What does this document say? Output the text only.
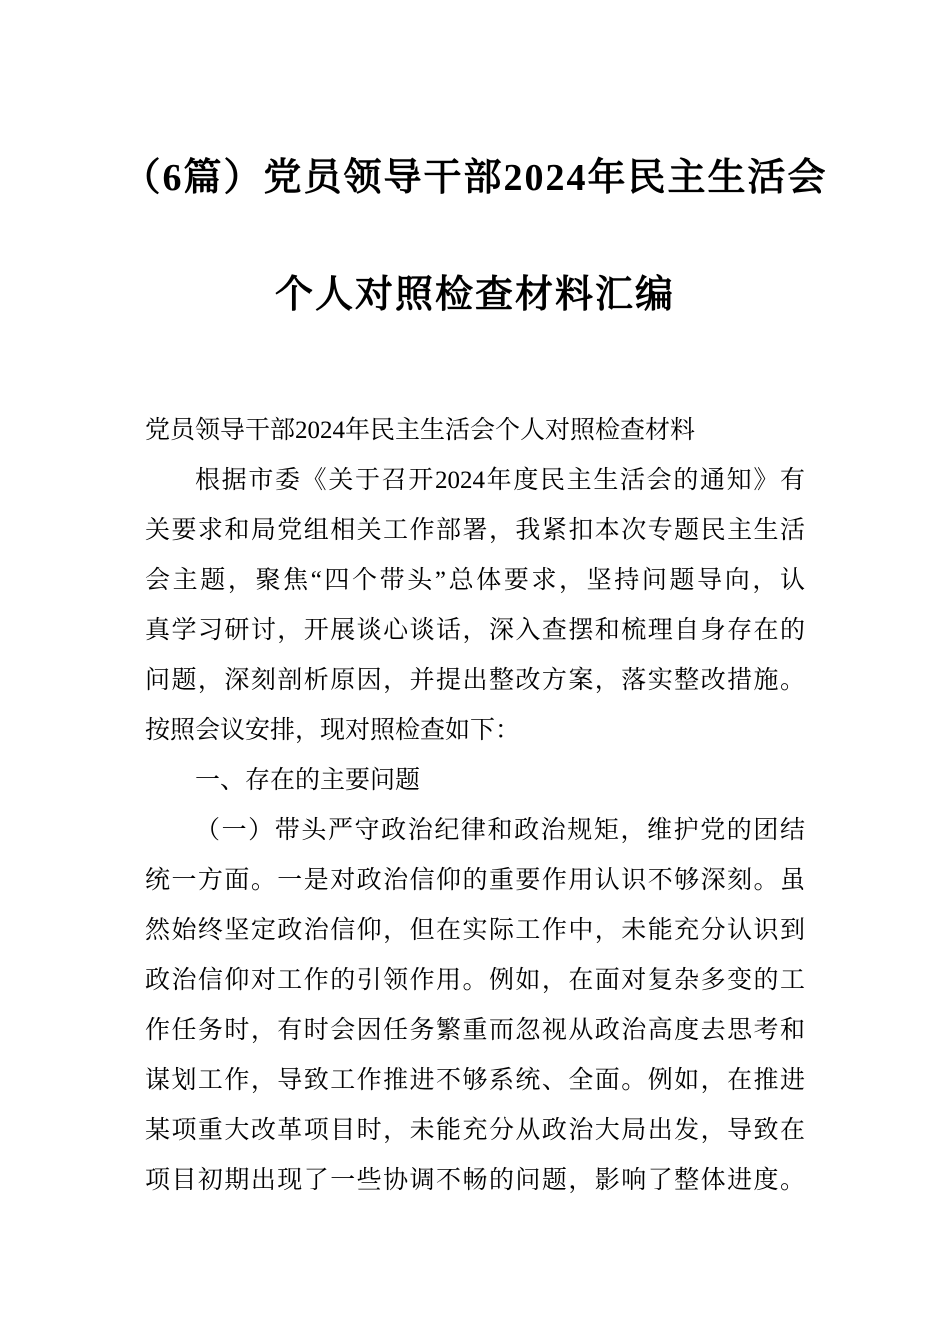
（6篇）党员领导干部2024年民主生活会
个人对照检查材料汇编
党员领导干部2024年民主生活会个人对照检查材料
根据市委《关于召开2024年度民主生活会的通知》有
关要求和局党组相关工作部署，我紧扣本次专题民主生活
会主题，聚焦“四个带头”总体要求，坚持问题导向，认
真学习研讨，开展谈心谈话，深入查摆和梳理自身存在的
问题，深刻剖析原因，并提出整改方案，落实整改措施。
按照会议安排，现对照检查如下：
一、存在的主要问题
（一）带头严守政治纪律和政治规矩，维护党的团结
统一方面。一是对政治信仰的重要作用认识不够深刻。虽
然始终坚定政治信仰，但在实际工作中，未能充分认识到
政治信仰对工作的引领作用。例如，在面对复杂多变的工
作任务时，有时会因任务繁重而忽视从政治高度去思考和
谋划工作，导致工作推进不够系统、全面。例如，在推进
某项重大改革项目时，未能充分从政治大局出发，导致在
项目初期出现了一些协调不畅的问题，影响了整体进度。
